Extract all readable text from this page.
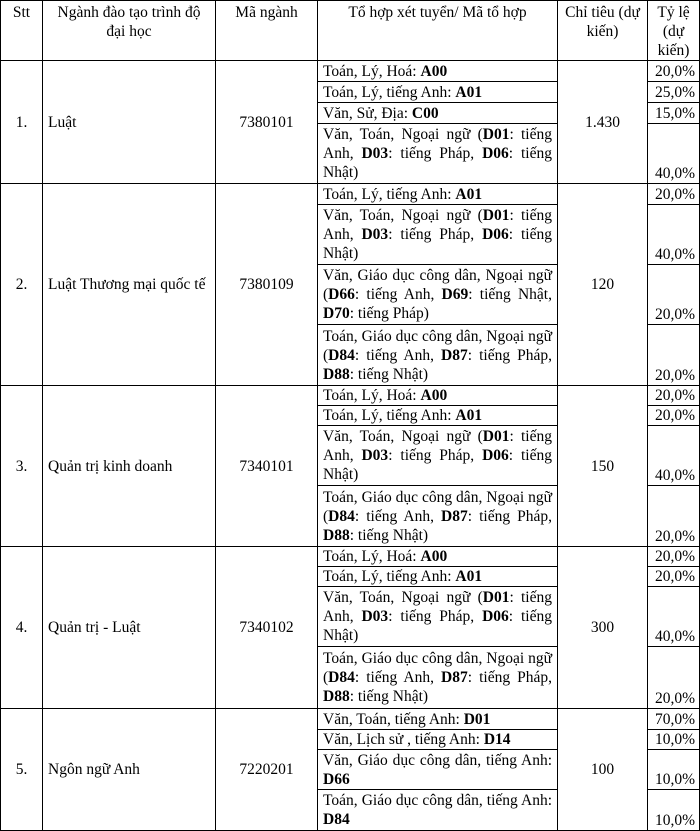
Stt	Ngành đào tạo trình độ đại học	Mã ngành	Tổ hợp xét tuyển/ Mã tổ hợp	Chỉ tiêu (dự kiến)	Tỷ lệ (dự kiến)
1.	Luật	7380101	Toán, Lý, Hoá: A00	1.430	20,0%
			Toán, Lý, tiếng Anh: A01		25,0%
			Văn, Sử, Địa: C00		15,0%
			Văn, Toán, Ngoại ngữ (D01: tiếng Anh, D03: tiếng Pháp, D06: tiếng Nhật)		40,0%
2.	Luật Thương mại quốc tế	7380109	Toán, Lý, tiếng Anh: A01	120	20,0%
			Văn, Toán, Ngoại ngữ (D01: tiếng Anh, D03: tiếng Pháp, D06: tiếng Nhật)		40,0%
			Văn, Giáo dục công dân, Ngoại ngữ (D66: tiếng Anh, D69: tiếng Nhật, D70: tiếng Pháp)		20,0%
			Toán, Giáo dục công dân, Ngoại ngữ (D84: tiếng Anh, D87: tiếng Pháp, D88: tiếng Nhật)		20,0%
3.	Quản trị kinh doanh	7340101	Toán, Lý, Hoá: A00	150	20,0%
			Toán, Lý, tiếng Anh: A01		20,0%
			Văn, Toán, Ngoại ngữ (D01: tiếng Anh, D03: tiếng Pháp, D06: tiếng Nhật)		40,0%
			Toán, Giáo dục công dân, Ngoại ngữ (D84: tiếng Anh, D87: tiếng Pháp, D88: tiếng Nhật)		20,0%
4.	Quản trị - Luật	7340102	Toán, Lý, Hoá: A00	300	20,0%
			Toán, Lý, tiếng Anh: A01		20,0%
			Văn, Toán, Ngoại ngữ (D01: tiếng Anh, D03: tiếng Pháp, D06: tiếng Nhật)		40,0%
			Toán, Giáo dục công dân, Ngoại ngữ (D84: tiếng Anh, D87: tiếng Pháp, D88: tiếng Nhật)		20,0%
5.	Ngôn ngữ Anh	7220201	Văn, Toán, tiếng Anh: D01	100	70,0%
			Văn, Lịch sử , tiếng Anh: D14		10,0%
			Văn, Giáo dục công dân, tiếng Anh: D66		10,0%
			Toán, Giáo dục công dân, tiếng Anh: D84		10,0%
